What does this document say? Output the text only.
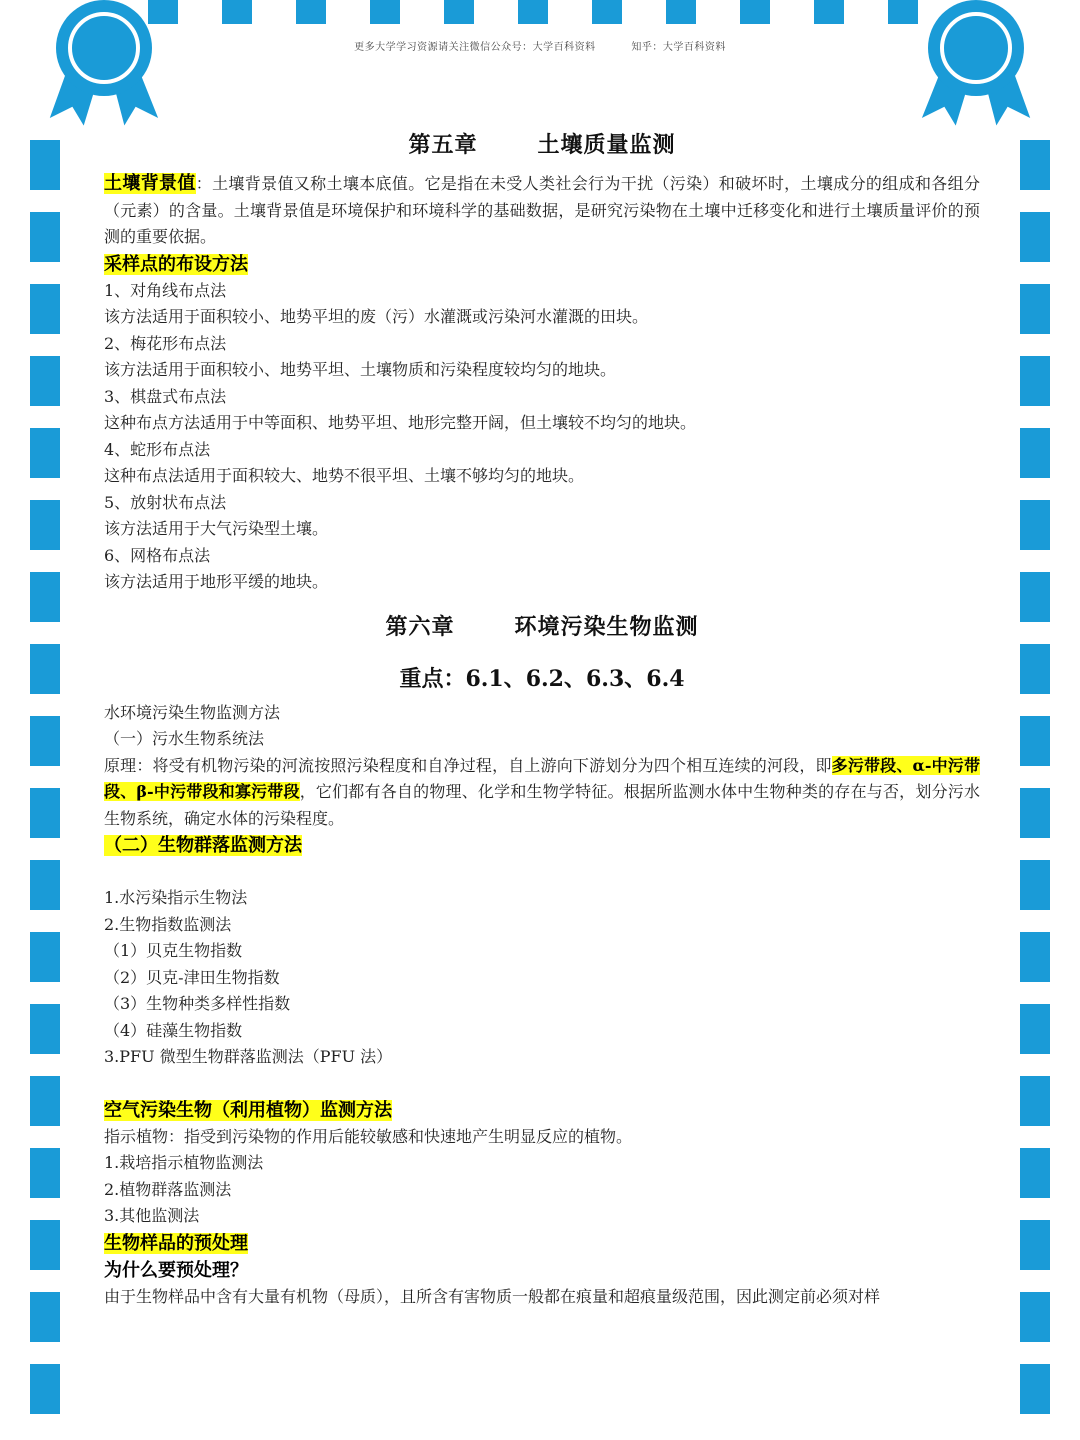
更多大学学习资源请关注微信公众号：大学百科资料	知乎：大学百科资料
第五章	土壤质量监测
土壤背景值：土壤背景值又称土壤本底值。它是指在未受人类社会行为干扰（污染）和破坏时，土壤成分的组成和各组分（元素）的含量。土壤背景值是环境保护和环境科学的基础数据，是研究污染物在土壤中迁移变化和进行土壤质量评价的预测的重要依据。
采样点的布设方法
1、对角线布点法
该方法适用于面积较小、地势平坦的废（污）水灌溉或污染河水灌溉的田块。
2、梅花形布点法
该方法适用于面积较小、地势平坦、土壤物质和污染程度较均匀的地块。
3、棋盘式布点法
这种布点方法适用于中等面积、地势平坦、地形完整开阔，但土壤较不均匀的地块。
4、蛇形布点法
这种布点法适用于面积较大、地势不很平坦、土壤不够均匀的地块。
5、放射状布点法
该方法适用于大气污染型土壤。
6、网格布点法
该方法适用于地形平缓的地块。
第六章	环境污染生物监测
重点：6.1、6.2、6.3、6.4
水环境污染生物监测方法
（一）污水生物系统法
原理：将受有机物污染的河流按照污染程度和自净过程，自上游向下游划分为四个相互连续的河段，即多污带段、α-中污带段、β-中污带段和寡污带段，它们都有各自的物理、化学和生物学特征。根据所监测水体中生物种类的存在与否，划分污水生物系统，确定水体的污染程度。
（二）生物群落监测方法
1.水污染指示生物法
2.生物指数监测法
（1）贝克生物指数
（2）贝克-津田生物指数
（3）生物种类多样性指数
（4）硅藻生物指数
3.PFU 微型生物群落监测法（PFU 法）
空气污染生物（利用植物）监测方法
指示植物：指受到污染物的作用后能较敏感和快速地产生明显反应的植物。
1.栽培指示植物监测法
2.植物群落监测法
3.其他监测法
生物样品的预处理
为什么要预处理？
由于生物样品中含有大量有机物（母质），且所含有害物质一般都在痕量和超痕量级范围，因此测定前必须对样
